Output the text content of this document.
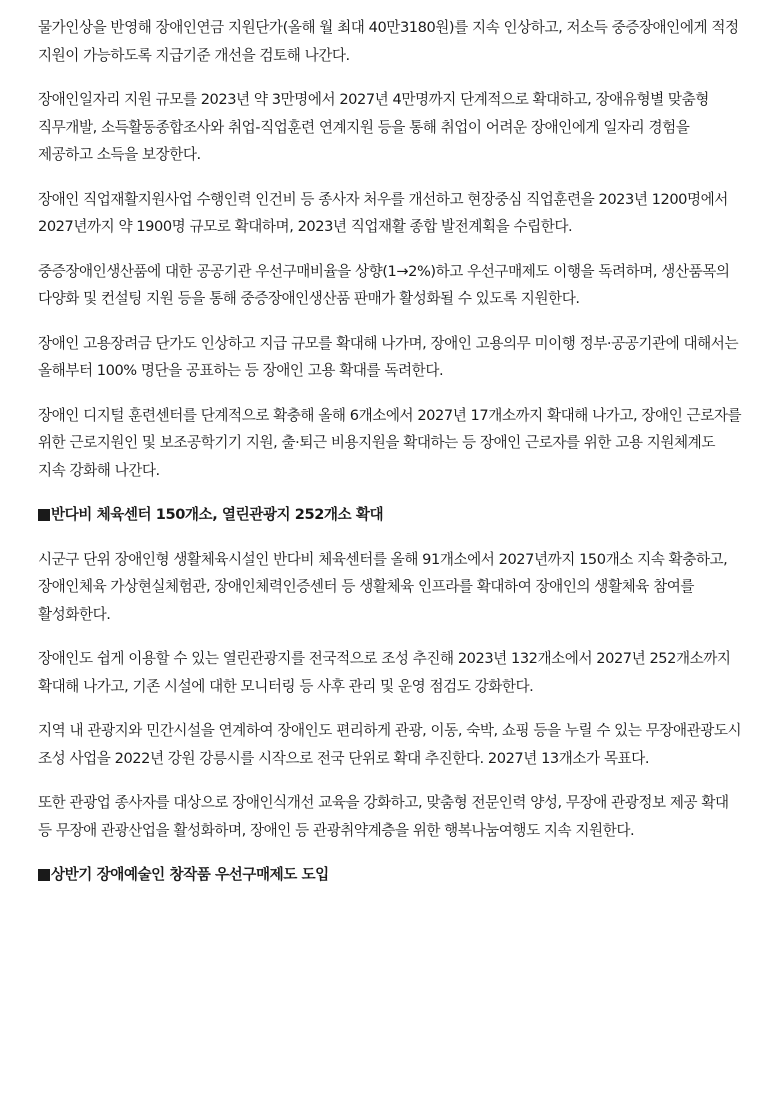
물가인상을 반영해 장애인연금 지원단가(올해 월 최대 40만3180원)를 지속 인상하고, 저소득 중증장애인에게 적정 지원이 가능하도록 지급기준 개선을 검토해 나간다.

장애인일자리 지원 규모를 2023년 약 3만명에서 2027년 4만명까지 단계적으로 확대하고, 장애유형별 맞춤형 직무개발, 소득활동종합조사와 취업-직업훈련 연계지원 등을 통해 취업이 어려운 장애인에게 일자리 경험을 제공하고 소득을 보장한다.

장애인 직업재활지원사업 수행인력 인건비 등 종사자 처우를 개선하고 현장중심 직업훈련을 2023년 1200명에서 2027년까지 약 1900명 규모로 확대하며, 2023년 직업재활 종합 발전계획을 수립한다.

중증장애인생산품에 대한 공공기관 우선구매비율을 상향(1→2%)하고 우선구매제도 이행을 독려하며, 생산품목의 다양화 및 컨설팅 지원 등을 통해 중증장애인생산품 판매가 활성화될 수 있도록 지원한다.

장애인 고용장려금 단가도 인상하고 지급 규모를 확대해 나가며, 장애인 고용의무 미이행 정부·공공기관에 대해서는 올해부터 100% 명단을 공표하는 등 장애인 고용 확대를 독려한다.

장애인 디지털 훈련센터를 단계적으로 확충해 올해 6개소에서 2027년 17개소까지 확대해 나가고, 장애인 근로자를 위한 근로지원인 및 보조공학기기 지원, 출·퇴근 비용지원을 확대하는 등 장애인 근로자를 위한 고용 지원체계도 지속 강화해 나간다.

반다비 체육센터 150개소, 열린관광지 252개소 확대

시군구 단위 장애인형 생활체육시설인 반다비 체육센터를 올해 91개소에서 2027년까지 150개소 지속 확충하고, 장애인체육 가상현실체험관, 장애인체력인증센터 등 생활체육 인프라를 확대하여 장애인의 생활체육 참여를 활성화한다.

장애인도 쉽게 이용할 수 있는 열린관광지를 전국적으로 조성 추진해 2023년 132개소에서 2027년 252개소까지 확대해 나가고, 기존 시설에 대한 모니터링 등 사후 관리 및 운영 점검도 강화한다.

지역 내 관광지와 민간시설을 연계하여 장애인도 편리하게 관광, 이동, 숙박, 쇼핑 등을 누릴 수 있는 무장애관광도시 조성 사업을 2022년 강원 강릉시를 시작으로 전국 단위로 확대 추진한다. 2027년 13개소가 목표다.

또한 관광업 종사자를 대상으로 장애인식개선 교육을 강화하고, 맞춤형 전문인력 양성, 무장애 관광정보 제공 확대 등 무장애 관광산업을 활성화하며, 장애인 등 관광취약계층을 위한 행복나눔여행도 지속 지원한다.

상반기 장애예술인 창작품 우선구매제도 도입
